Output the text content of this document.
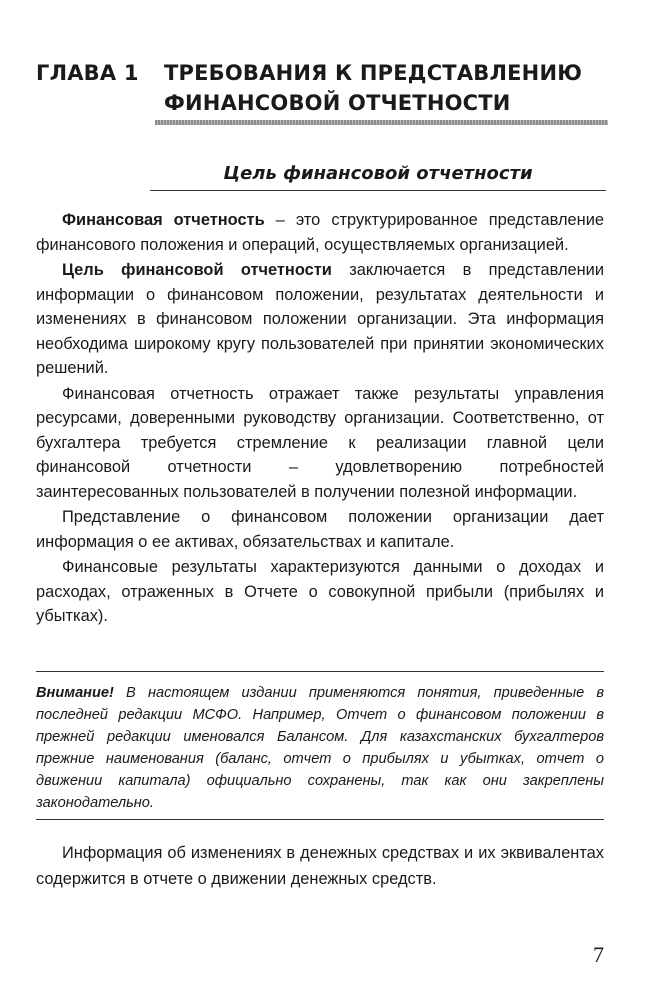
ГЛАВА 1	ТРЕБОВАНИЯ К ПРЕДСТАВЛЕНИЮ
ФИНАНСОВОЙ ОТЧЕТНОСТИ
Цель финансовой отчетности

Финансовая отчетность – это структурированное представление финансового положения и операций, осуществляемых организацией.

Цель финансовой отчетности заключается в представлении информации о финансовом положении, результатах деятельности и изменениях в финансовом положении организации. Эта информация необходима широкому кругу пользователей при принятии экономических решений.

Финансовая отчетность отражает также результаты управления ресурсами, доверенными руководству организации. Соответственно, от бухгалтера требуется стремление к реализации главной цели финансовой отчетности – удовлетворению потребностей заинтересованных пользователей в получении полезной информации.

Представление о финансовом положении организации дает информация о ее активах, обязательствах и капитале.

Финансовые результаты характеризуются данными о доходах и расходах, отраженных в Отчете о совокупной прибыли (прибылях и убытках).

Внимание! В настоящем издании применяются понятия, приведенные в последней редакции МСФО. Например, Отчет о финансовом положении в прежней редакции именовался Балансом. Для казахстанских бухгалтеров прежние наименования (баланс, отчет о прибылях и убытках, отчет о движении капитала) официально сохранены, так как они закреплены законодательно.

Информация об изменениях в денежных средствах и их эквивалентах содержится в отчете о движении денежных средств.

7
